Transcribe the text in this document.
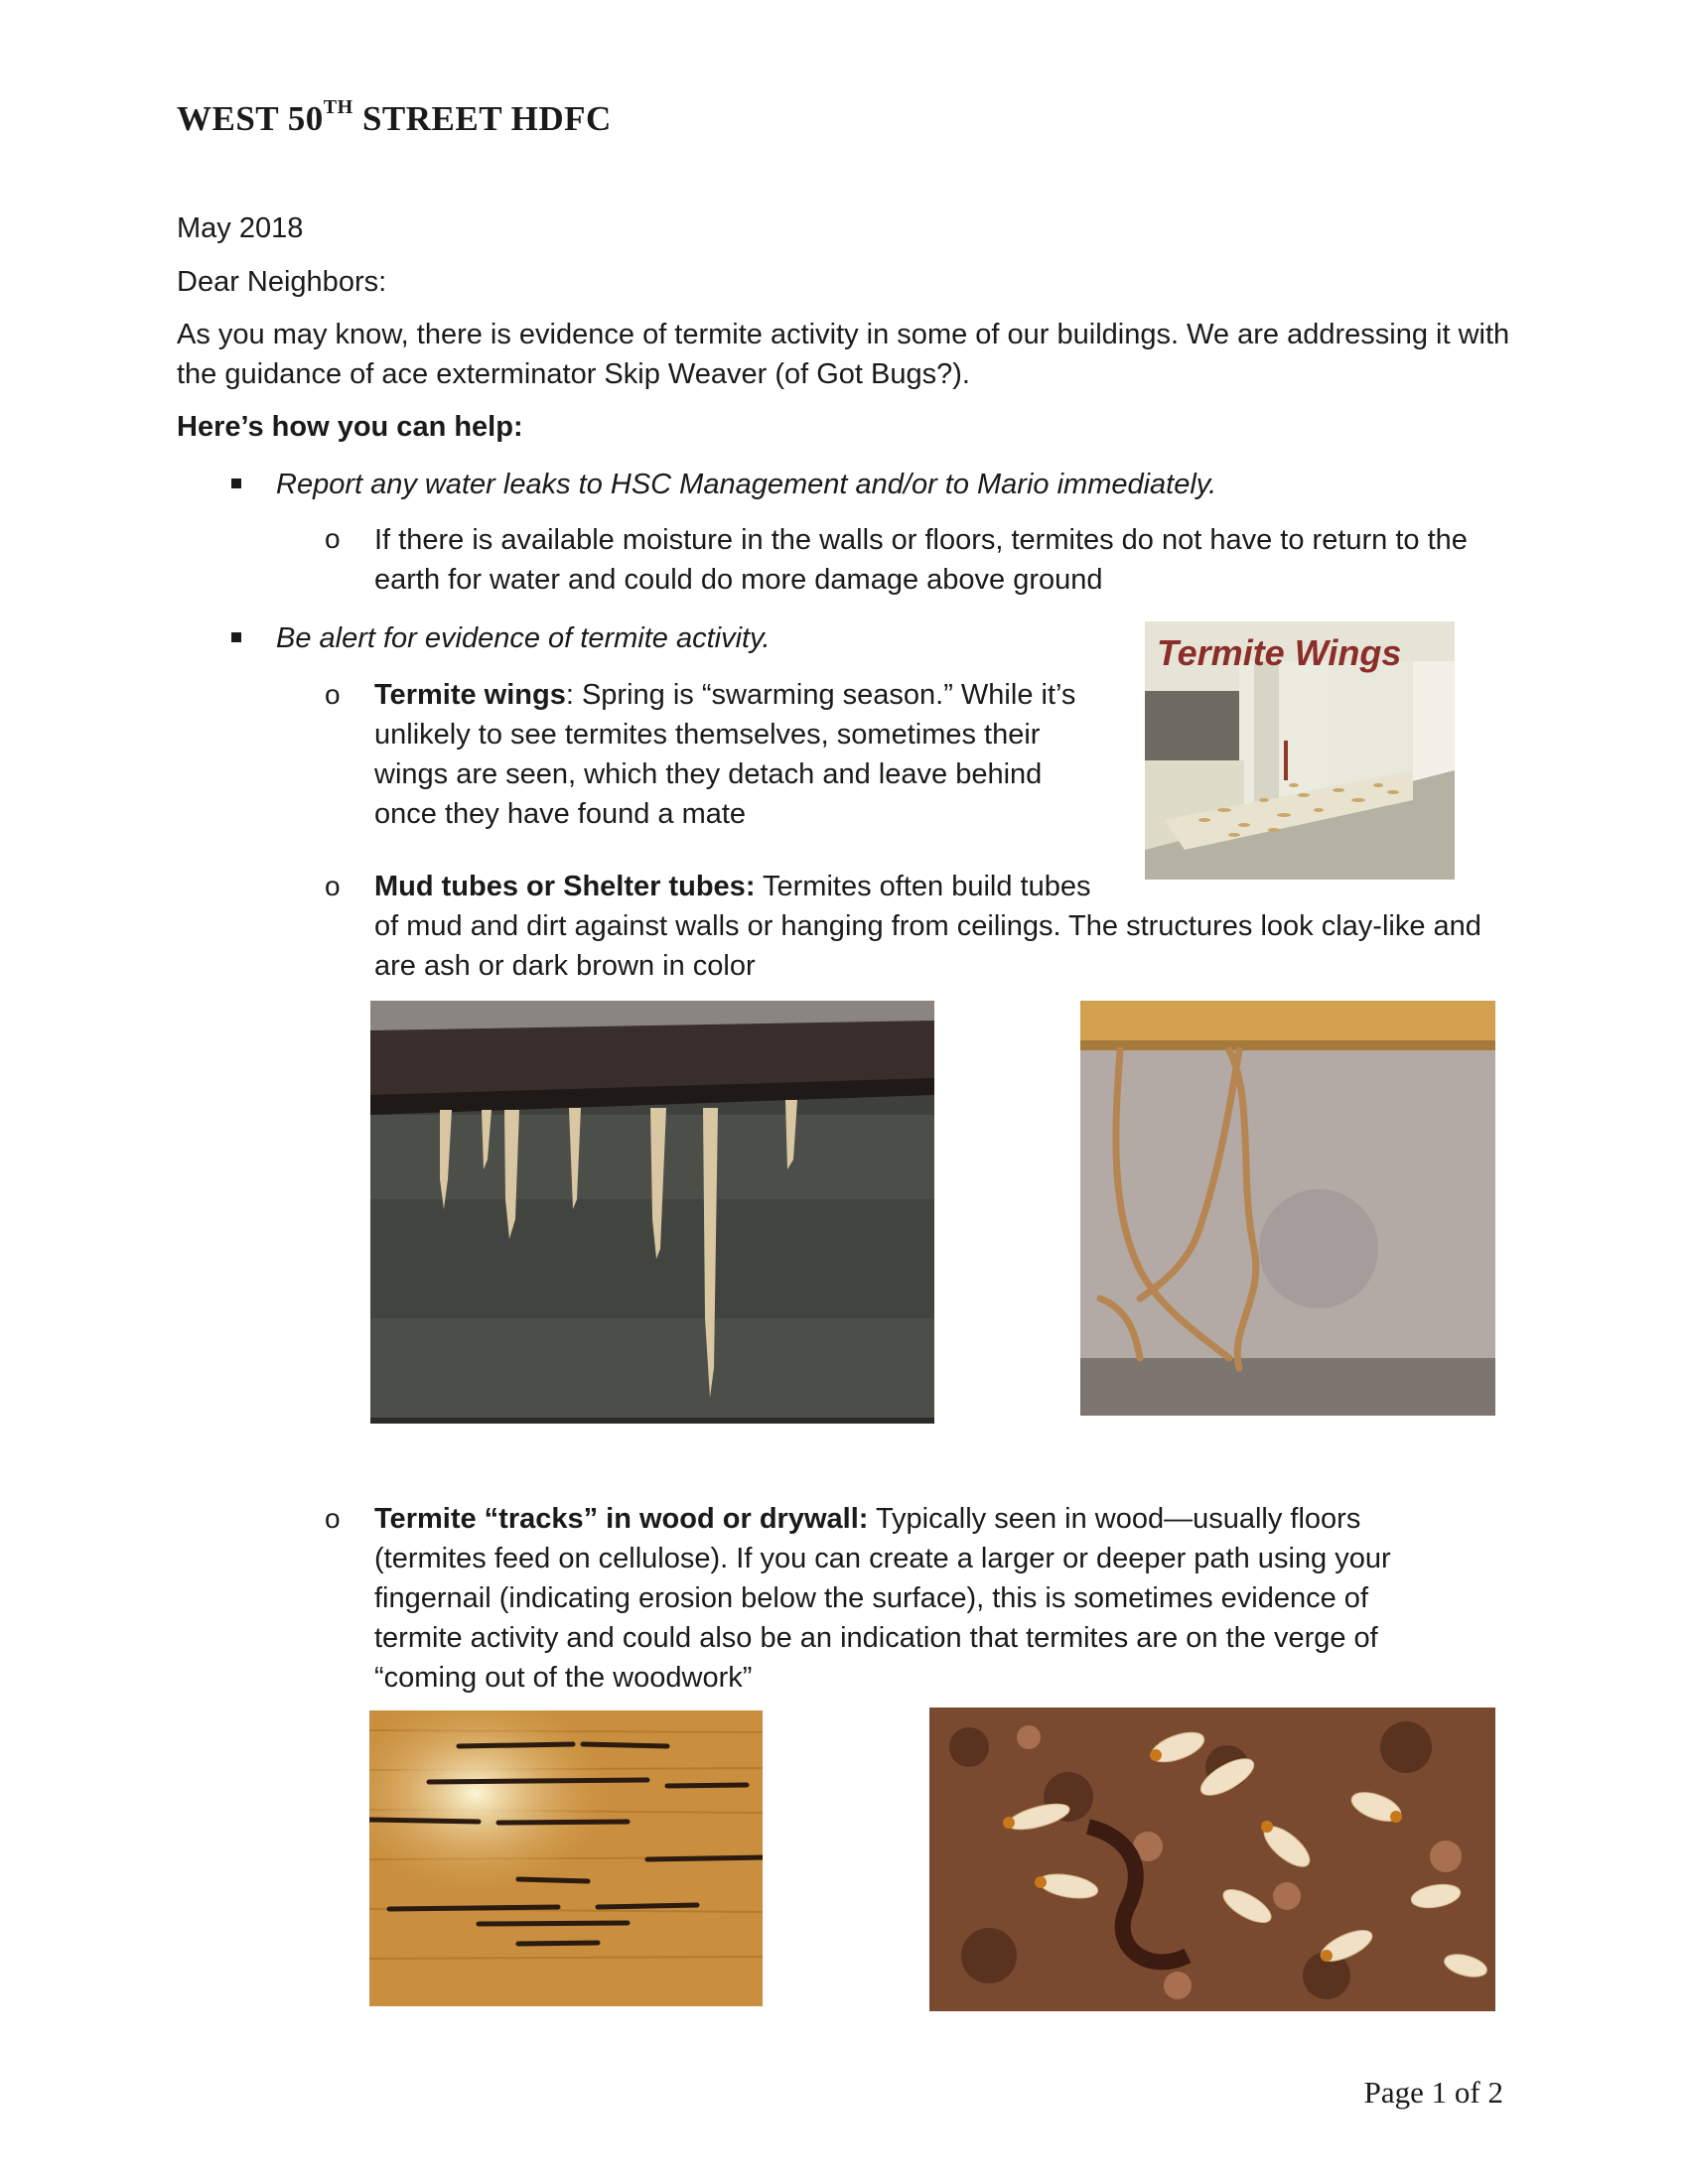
WEST 50TH STREET HDFC
May 2018
Dear Neighbors:
As you may know, there is evidence of termite activity in some of our buildings. We are addressing it with the guidance of ace exterminator Skip Weaver (of Got Bugs?).
Here’s how you can help:
Report any water leaks to HSC Management and/or to Mario immediately.
o If there is available moisture in the walls or floors, termites do not have to return to the earth for water and could do more damage above ground
Be alert for evidence of termite activity.
o Termite wings: Spring is “swarming season.” While it’s unlikely to see termites themselves, sometimes their wings are seen, which they detach and leave behind once they have found a mate
Termite Wings
o Mud tubes or Shelter tubes: Termites often build tubes
of mud and dirt against walls or hanging from ceilings. The structures look clay-like and are ash or dark brown in color
o Termite “tracks” in wood or drywall: Typically seen in wood—usually floors (termites feed on cellulose). If you can create a larger or deeper path using your fingernail (indicating erosion below the surface), this is sometimes evidence of termite activity and could also be an indication that termites are on the verge of “coming out of the woodwork”
Page 1 of 2
